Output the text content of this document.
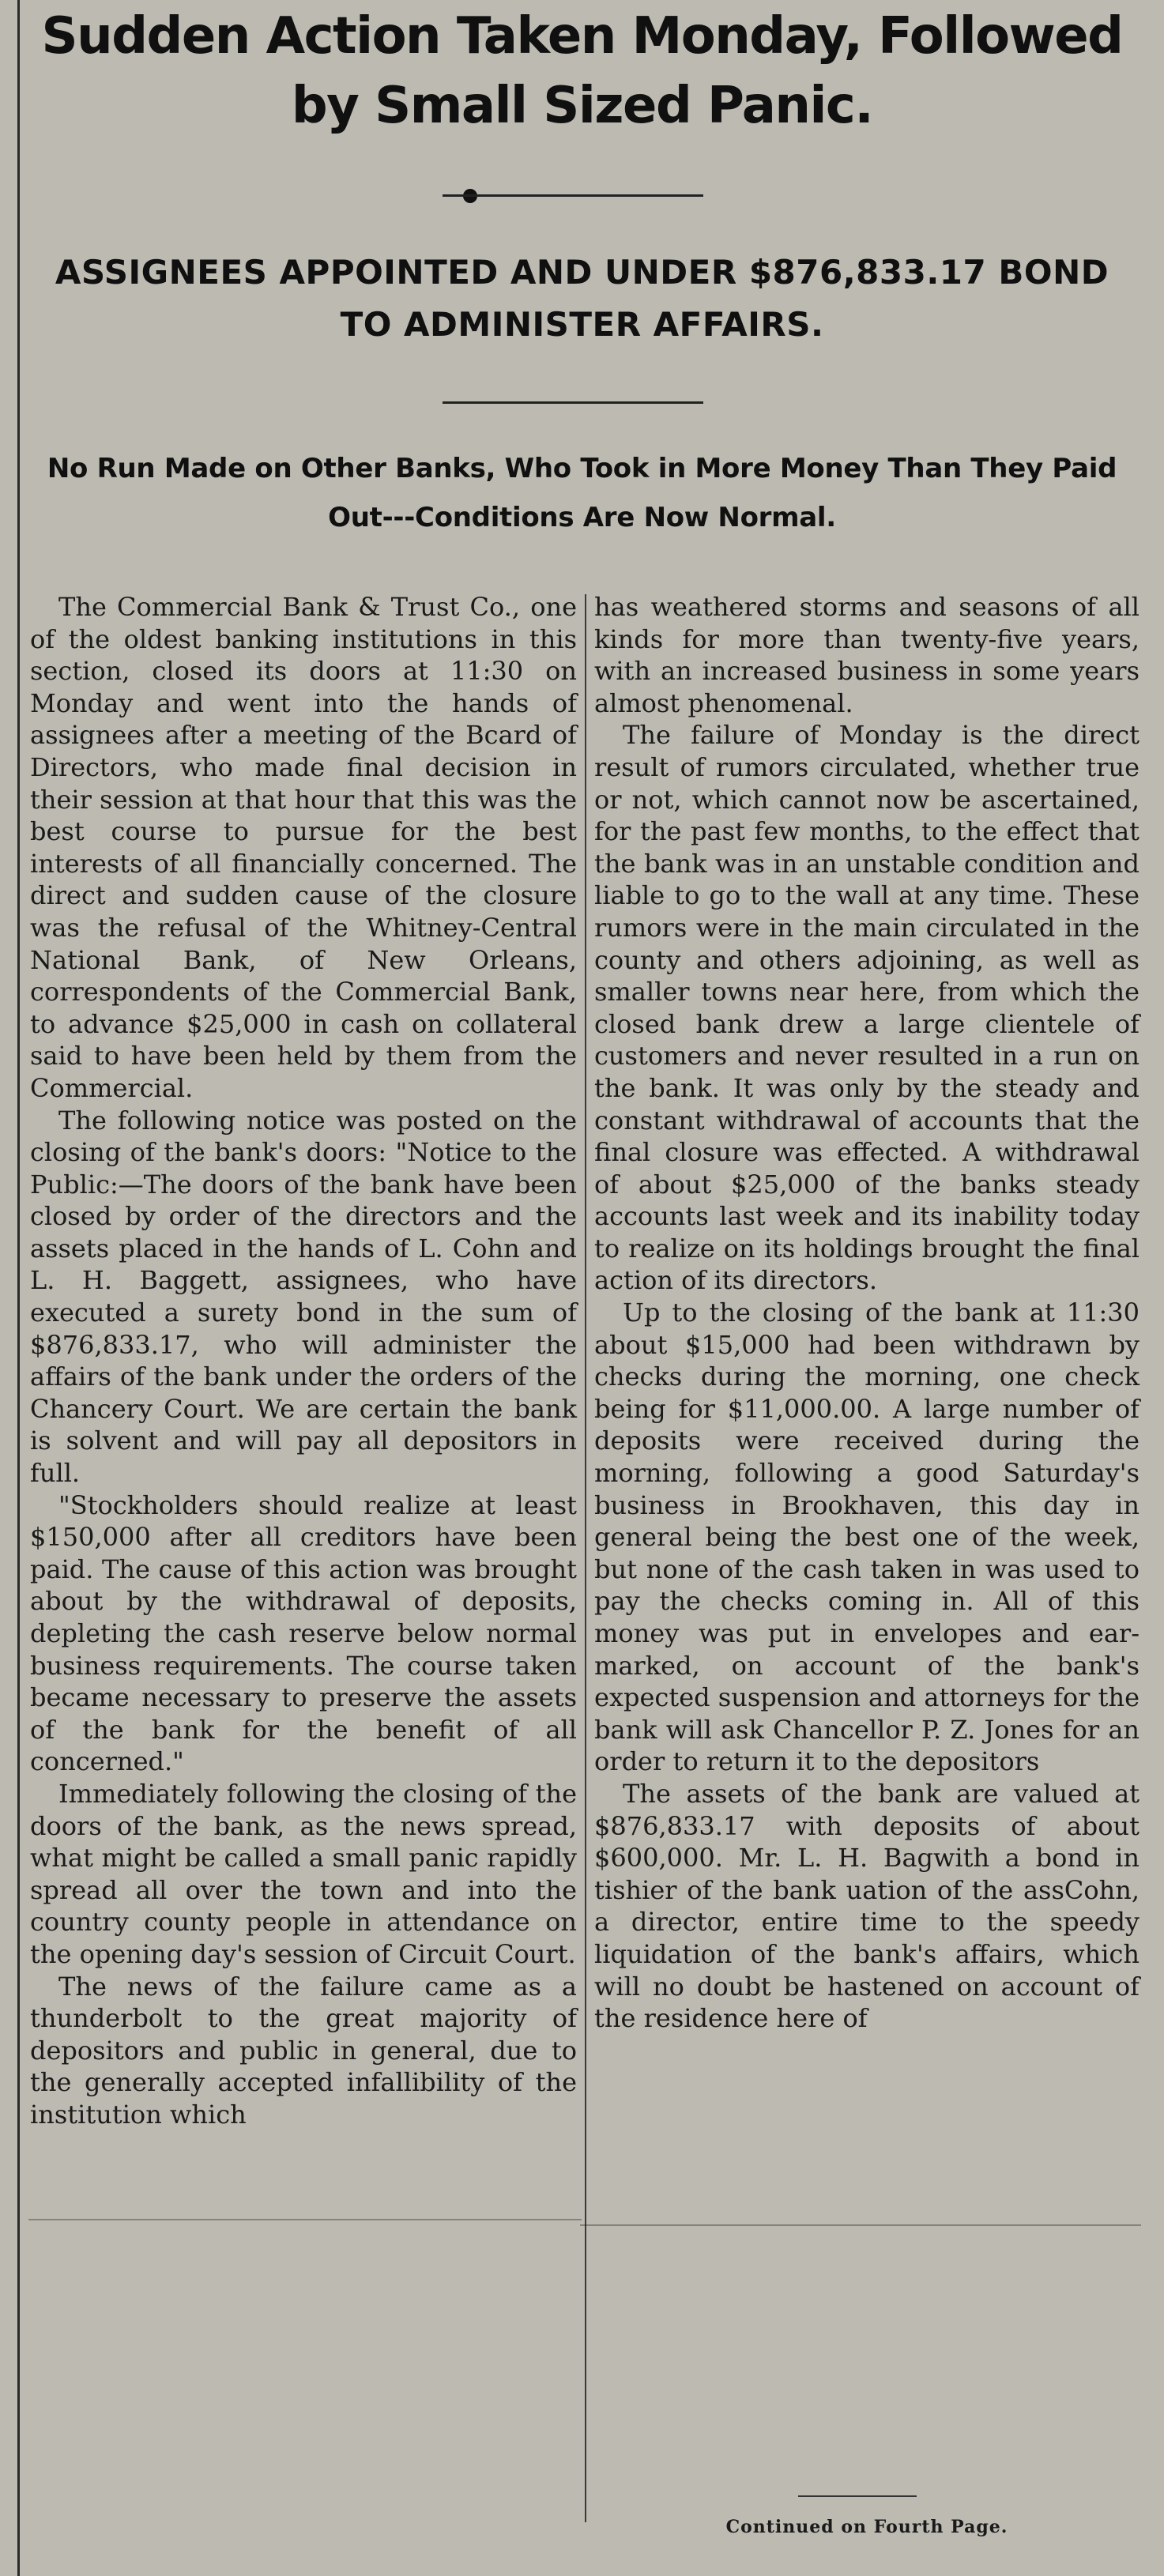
Sudden Action Taken Monday, Followed by Small Sized Panic.
ASSIGNEES APPOINTED AND UNDER $876,833.17 BOND TO ADMINISTER AFFAIRS.
No Run Made on Other Banks, Who Took in More Money Than They Paid Out---Conditions Are Now Normal.

The Commercial Bank & Trust Co., one of the oldest banking institutions in this section, closed its doors at 11:30 on Monday and went into the hands of assignees after a meeting of the Bcard of Directors, who made final decision in their session at that hour that this was the best course to pursue for the best interests of all financially concerned. The direct and sudden cause of the closure was the refusal of the Whitney-Central National Bank, of New Orleans, correspondents of the Commercial Bank, to advance $25,000 in cash on collateral said to have been held by them from the Commercial.

The following notice was posted on the closing of the bank's doors: "Notice to the Public:—The doors of the bank have been closed by order of the directors and the assets placed in the hands of L. Cohn and L. H. Baggett, assignees, who have executed a surety bond in the sum of $876,833.17, who will administer the affairs of the bank under the orders of the Chancery Court. We are certain the bank is solvent and will pay all depositors in full.

"Stockholders should realize at least $150,000 after all creditors have been paid. The cause of this action was brought about by the withdrawal of deposits, depleting the cash reserve below normal business requirements. The course taken became necessary to preserve the assets of the bank for the benefit of all concerned."

Immediately following the closing of the doors of the bank, as the news spread, what might be called a small panic rapidly spread all over the town and into the country county people in attendance on the opening day's session of Circuit Court.

The news of the failure came as a thunderbolt to the great majority of depositors and public in general, due to the generally accepted infallibility of the institution which

has weathered storms and seasons of all kinds for more than twenty-five years, with an increased business in some years almost phenomenal.

The failure of Monday is the direct result of rumors circulated, whether true or not, which cannot now be ascertained, for the past few months, to the effect that the bank was in an unstable condition and liable to go to the wall at any time. These rumors were in the main circulated in the county and others adjoining, as well as smaller towns near here, from which the closed bank drew a large clientele of customers and never resulted in a run on the bank. It was only by the steady and constant withdrawal of accounts that the final closure was effected. A withdrawal of about $25,000 of the banks steady accounts last week and its inability today to realize on its holdings brought the final action of its directors.

Up to the closing of the bank at 11:30 about $15,000 had been withdrawn by checks during the morning, one check being for $11,000.00. A large number of deposits were received during the morning, following a good Saturday's business in Brookhaven, this day in general being the best one of the week, but none of the cash taken in was used to pay the checks coming in. All of this money was put in envelopes and ear-marked, on account of the bank's expected suspension and attorneys for the bank will ask Chancellor P. Z. Jones for an order to return it to the depositors

The assets of the bank are valued at $876,833.17 with deposits of about $600,000. Mr. L. H. Bagwith a bond in tishier of the bank uation of the assCohn, a director, entire time to the speedy liquidation of the bank's affairs, which will no doubt be hastened on account of the residence here of

Continued on Fourth Page.
